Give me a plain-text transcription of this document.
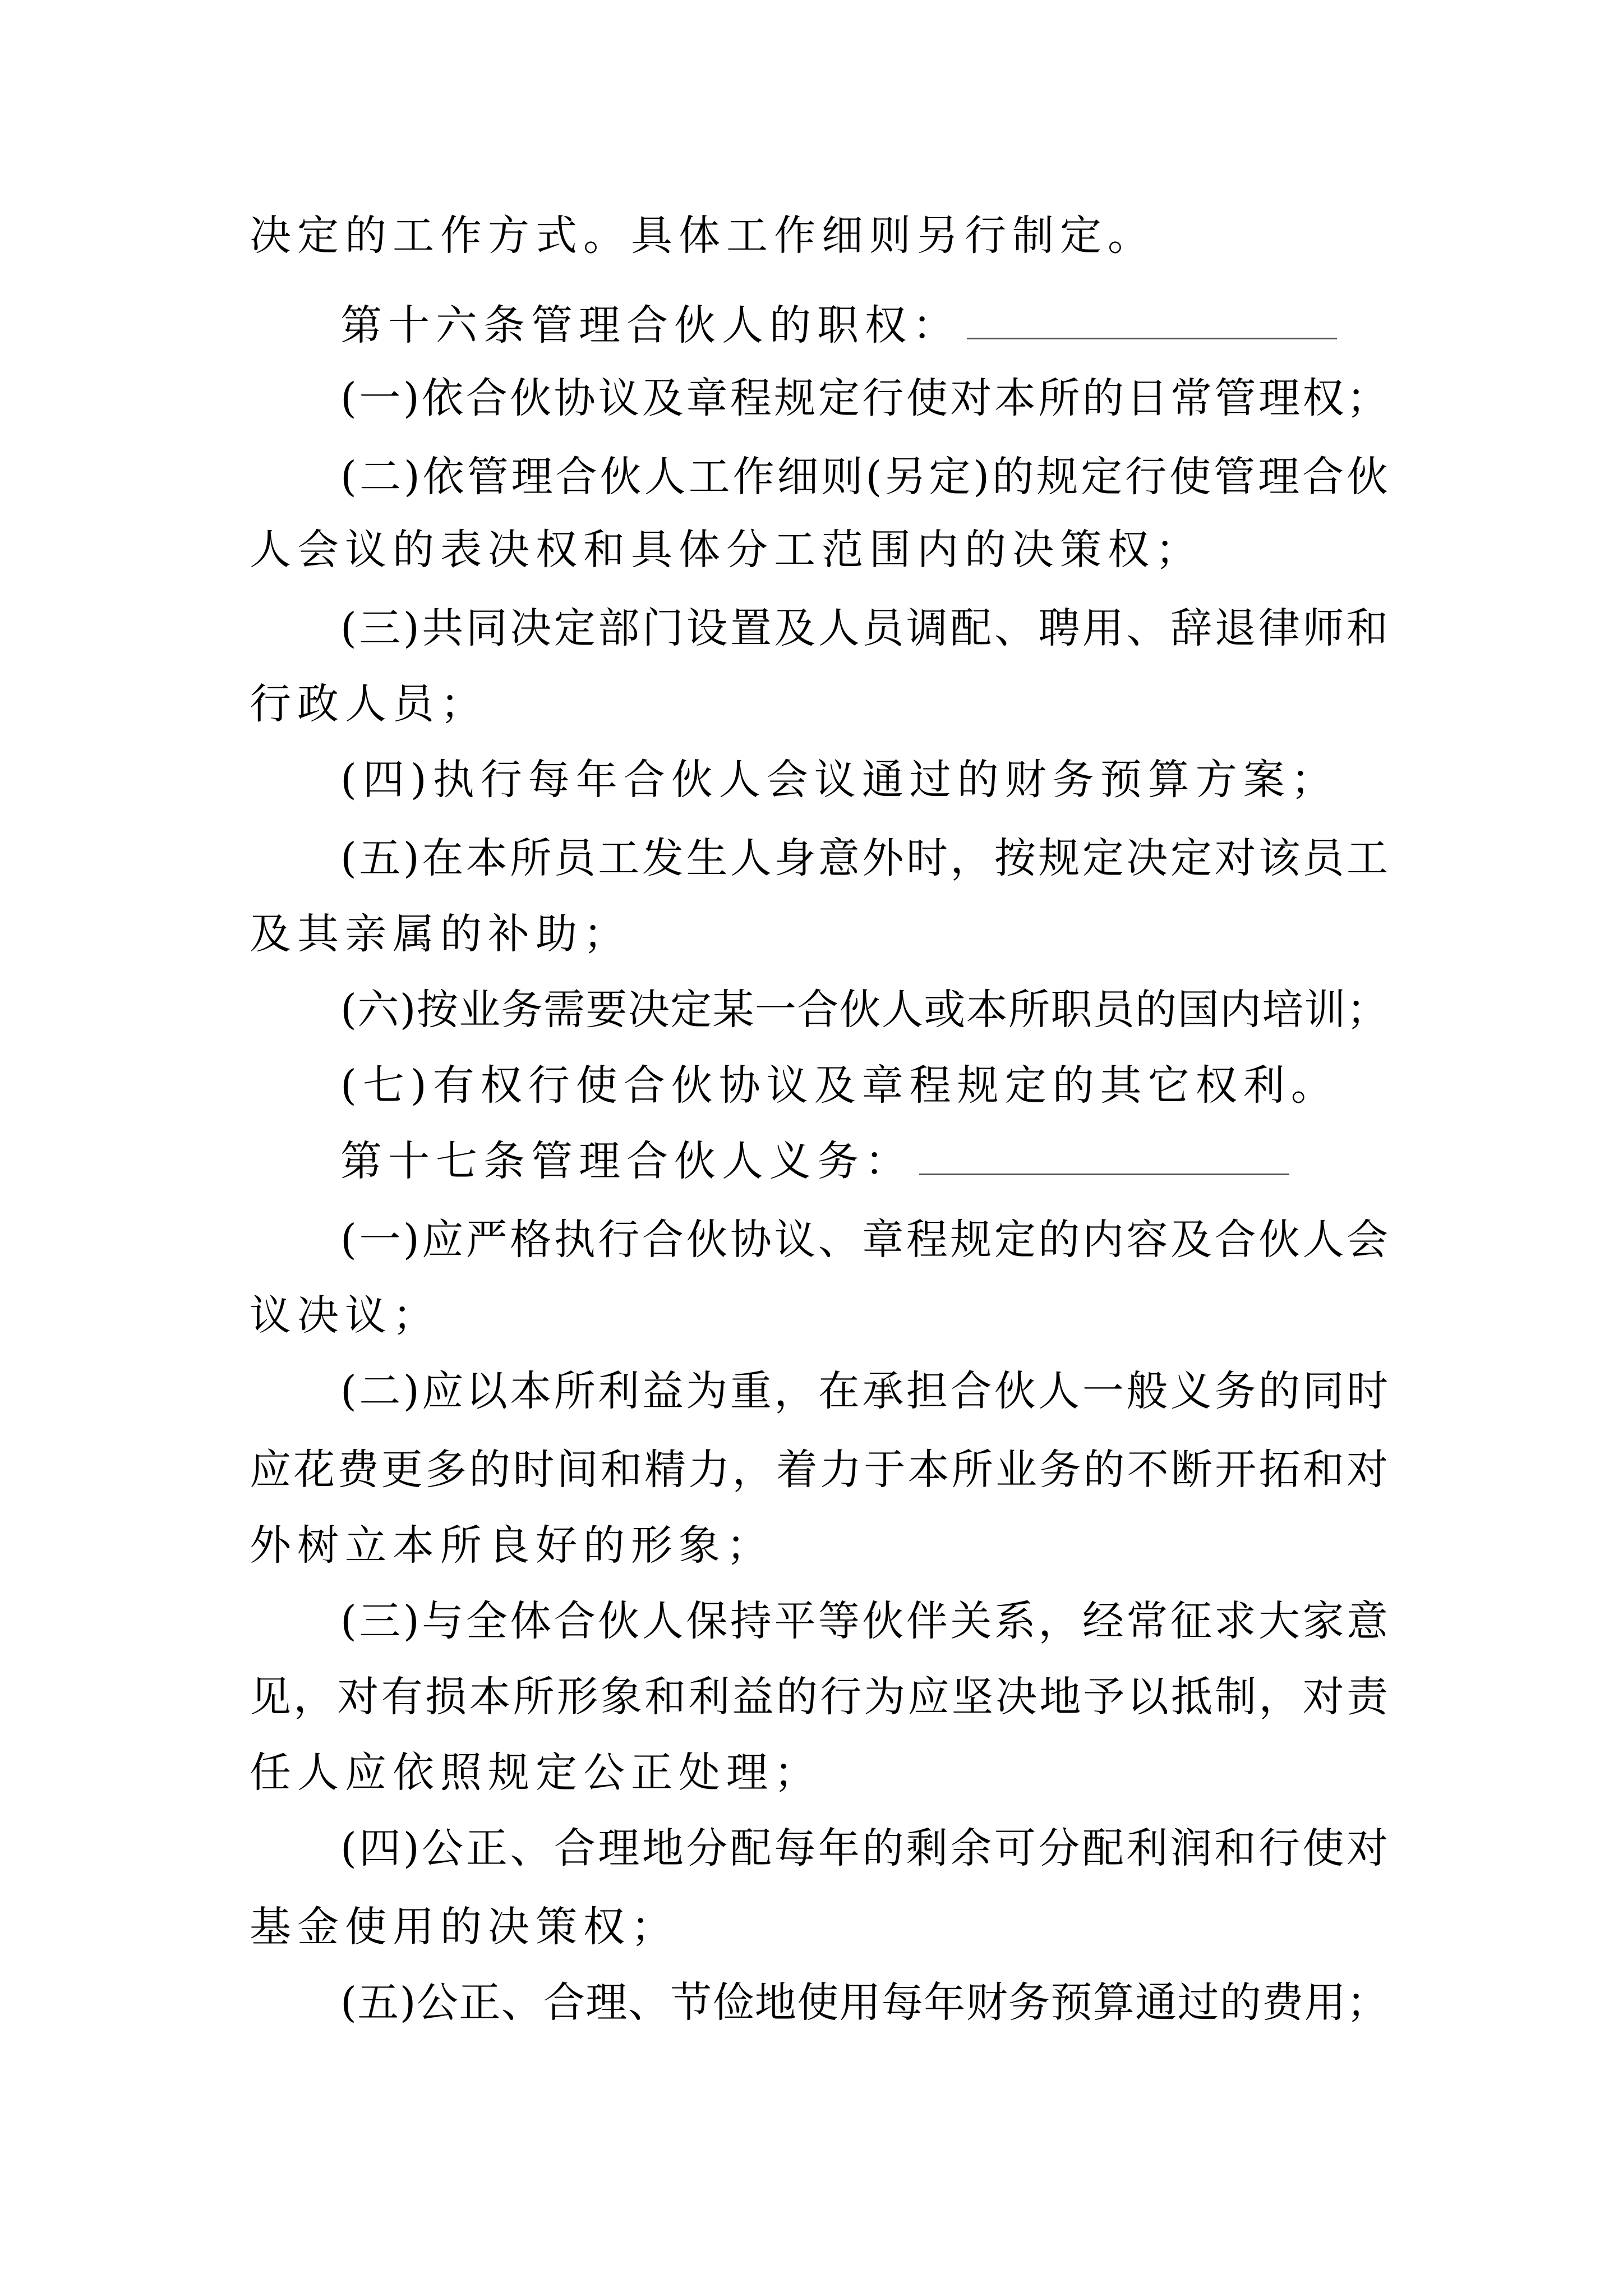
决定的工作方式。具体工作细则另行制定。
第十六条管理合伙人的职权：
(一)依合伙协议及章程规定行使对本所的日常管理权；
(二)依管理合伙人工作细则(另定)的规定行使管理合伙
人会议的表决权和具体分工范围内的决策权；
(三)共同决定部门设置及人员调配、聘用、辞退律师和
行政人员；
(四)执行每年合伙人会议通过的财务预算方案；
(五)在本所员工发生人身意外时，按规定决定对该员工
及其亲属的补助；
(六)按业务需要决定某一合伙人或本所职员的国内培训；
(七)有权行使合伙协议及章程规定的其它权利。
第十七条管理合伙人义务：
(一)应严格执行合伙协议、章程规定的内容及合伙人会
议决议；
(二)应以本所利益为重，在承担合伙人一般义务的同时
应花费更多的时间和精力，着力于本所业务的不断开拓和对
外树立本所良好的形象；
(三)与全体合伙人保持平等伙伴关系，经常征求大家意
见，对有损本所形象和利益的行为应坚决地予以抵制，对责
任人应依照规定公正处理；
(四)公正、合理地分配每年的剩余可分配利润和行使对
基金使用的决策权；
(五)公正、合理、节俭地使用每年财务预算通过的费用；
